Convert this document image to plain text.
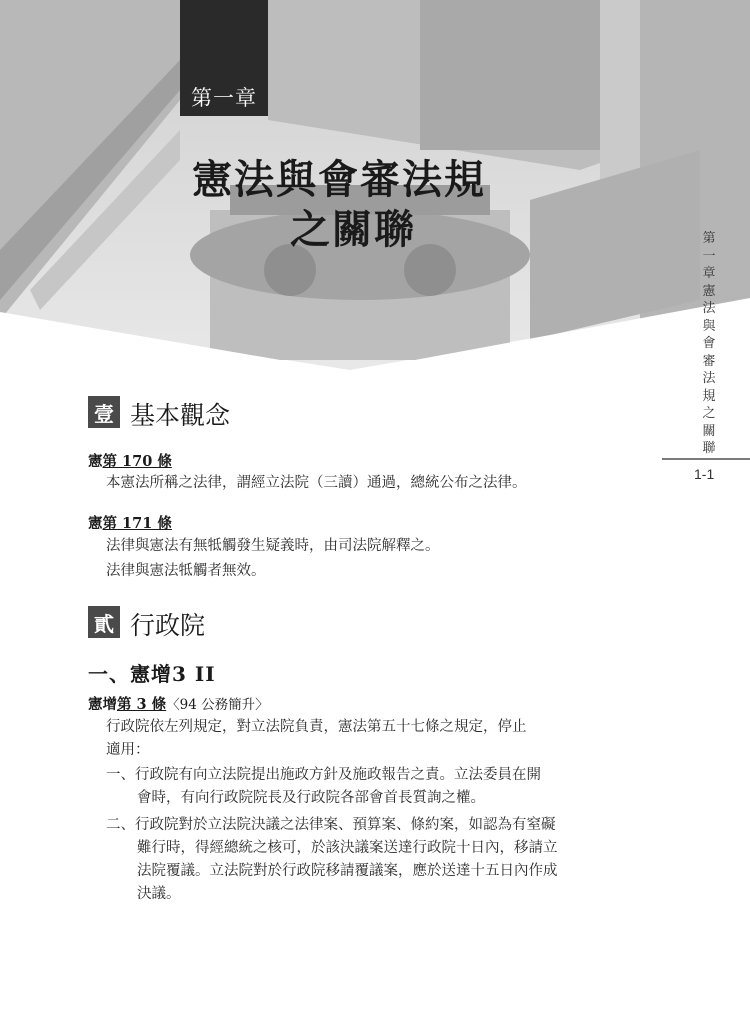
第一章
憲法與會審法規
之關聯	第一章 憲法與會審法規之關聯
1-1
壹 基本觀念
憲第 170 條
本憲法所稱之法律，謂經立法院（三讀）通過，總統公布之法律。
憲第 171 條
法律與憲法有無牴觸發生疑義時，由司法院解釋之。
法律與憲法牴觸者無效。
貳 行政院
一、憲增3 II
憲增第 3 條〈94 公務簡升〉
行政院依左列規定，對立法院負責，憲法第五十七條之規定，停止
適用：
一、行政院有向立法院提出施政方針及施政報告之責。立法委員在開
會時，有向行政院院長及行政院各部會首長質詢之權。
二、行政院對於立法院決議之法律案、預算案、條約案，如認為有窒礙
難行時，得經總統之核可，於該決議案送達行政院十日內，移請立
法院覆議。立法院對於行政院移請覆議案，應於送達十五日內作成
決議。
